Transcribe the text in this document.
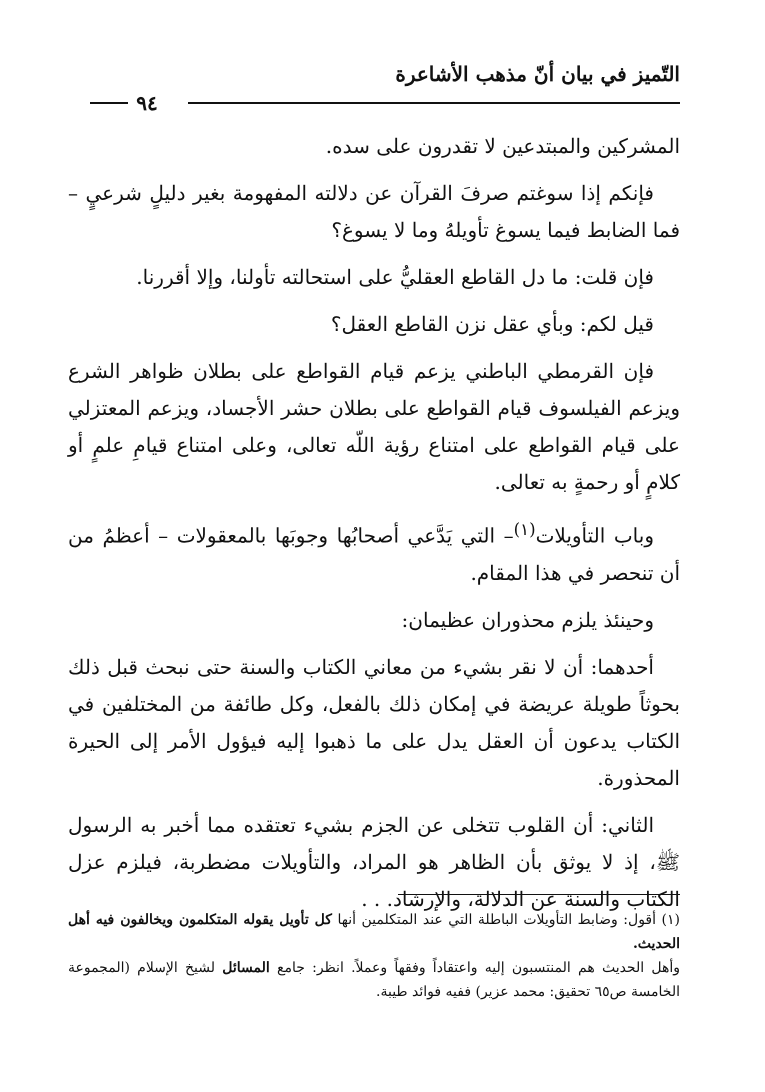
التّميز في بيان أنّ مذهب الأشاعرة
٩٤

المشركين والمبتدعين لا تقدرون على سده.

فإنكم إذا سوغتم صرفَ القرآن عن دلالته المفهومة بغير دليلٍ شرعيٍ – فما الضابط فيما يسوغ تأويلهُ وما لا يسوغ؟

فإن قلت: ما دل القاطع العقليُّ على استحالته تأولنا، وإلا أقررنا.

قيل لكم: وبأي عقل نزن القاطع العقل؟

فإن القرمطي الباطني يزعم قيام القواطع على بطلان ظواهر الشرع ويزعم الفيلسوف قيام القواطع على بطلان حشر الأجساد، ويزعم المعتزلي على قيام القواطع على امتناع رؤية اللّه تعالى، وعلى امتناع قيامِ علمٍ أو كلامٍ أو رحمةٍ به تعالى.

وباب التأويلات$^{(١)}$– التي يَدَّعي أصحابُها وجوبَها بالمعقولات – أعظمُ من أن تنحصر في هذا المقام.

وحينئذ يلزم محذوران عظيمان:

أحدهما: أن لا نقر بشيء من معاني الكتاب والسنة حتى نبحث قبل ذلك بحوثاً طويلة عريضة في إمكان ذلك بالفعل، وكل طائفة من المختلفين في الكتاب يدعون أن العقل يدل على ما ذهبوا إليه فيؤول الأمر إلى الحيرة المحذورة.

الثاني: أن القلوب تتخلى عن الجزم بشيء تعتقده مما أخبر به الرسول ﷺ، إذ لا يوثق بأن الظاهر هو المراد، والتأويلات مضطربة، فيلزم عزل الكتاب والسنة عن الدلالة، والإرشاد. . .

(١) أقول: وضابط التأويلات الباطلة التي عند المتكلمين أنها كل تأويل يقوله المتكلمون ويخالفون فيه أهل الحديث.

وأهل الحديث هم المنتسبون إليه واعتقاداً وفقهاً وعملاً. انظر: جامع المسائل لشيخ الإسلام (المجموعة الخامسة ص٦٥ تحقيق: محمد عزير) ففيه فوائد طيبة.
